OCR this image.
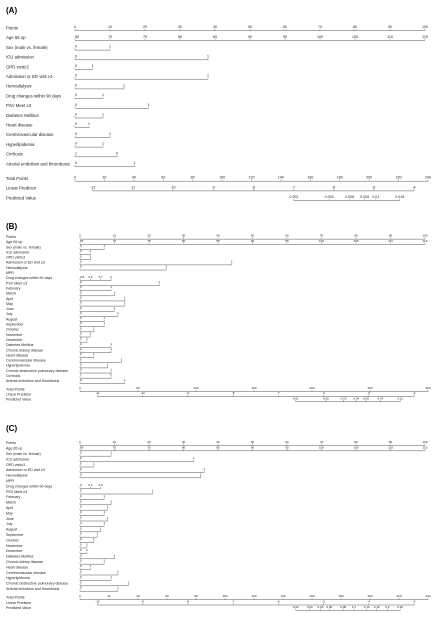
(A)
Points	0	10	20	30	40	50	60	70	80	90	100
Age 65 up	65	70	75	80	85	90	95	100	105	110	115
Sex (male vs. female)	0	1
ICU admission	0	1
OPD visit≥3	0	1
Admission or ED visit ≥3	0	1
Hemodialysis	0	1
Drug changes within 90 days	0	1
PSV Meet ≥3	0	1
Diabetes Mellitus	0	1
Heart disease	0	1
Cerebrovascular disease	0	1
Hyperlipidemia	0	1
Cirrhosis	1	0
Arterial embolism and thrombosis 0	1
Total Points	0	20	40	60	80	100	120	140	160	180	200	220	240
Linear Predictor	-13	-11	-10	-9	-8	-7	-6	-5	-4
Predicted Value	0.002	0.004	0.006 0.008 0.01	0.016
(B)
Points	0	10	20	30	40	50	60	70	80	90	100
Age 65 up	65	70	75	80	85	90	95	100	105	110	115
Sex (male vs. female)	0	1
ICU admission	0	1
OPD visit≥3	0	1
Admission or ED visit ≥3	0	1
Hemodialysis	0	1
MPR
Drug changes within 90 days	0.8 0.5 0.7 0
PSV Meet ≥3	0	1
February	0	1
March	0	1
April	0	1
May	0	1
June	0	1
July	0	1
August	0	1
September	0	1
October	0	1
November	0	1
December	0 1
Diabetes Mellitus	0	1
Chronic kidney disease	0	1
Heart disease	0	1
Cerebrovascular disease	0	1
Hyperlipidemia	0	1
Chronic obstructive pulmonary disease	0	1
Cirrhosis	1	0
Arterial embolism and thrombosis	0	1
Total Points	0	50	100	150	200	250	300
Linear Predictor	-11	-10	-9	-8	-7	-6	-5	-4
Predicted Value	0.01	0.02	0.03 0.04 0.05	0.07	0.11
(C)
Points	0	10	20	30	40	50	60	70	80	90	100
Age 65 up	65	70	75	80	85	90	95	100	105	110	115
Sex (male vs. female)	0	1
ICU admission	0	1
OPD visit≥3	0	1
Admission or ED visit ≥3	0	1
Hemodialysis	0	1
MPR
Drug changes within 90 days	0 0.3 0.6
PSV Meet ≥3	0	1
February	0	1
March	0	1
April	0	1
May	0	1
June	0	1
July	0	1
August	0	1
September	0	1
October	0	1
November	0 1
December	0 1
Diabetes Mellitus	0	1
Chronic kidney disease	0	1
Heart disease	0	1
Cerebrovascular disease	0	1
Hyperlipidemia	0	1
Chronic obstructive pulmonary disease	0	1
Arterial embolism and thrombosis	0	1
Total Points	0	20	40	60	80	100	120	140	160	180	200	220	240
Linear Predictor	-10	-9	-8	-7	-6	-5	-4	-3
Predicted Value	0.03	0.04 0.05 0.06	0.08 0.1	0.13 0.16 0.2	0.26
